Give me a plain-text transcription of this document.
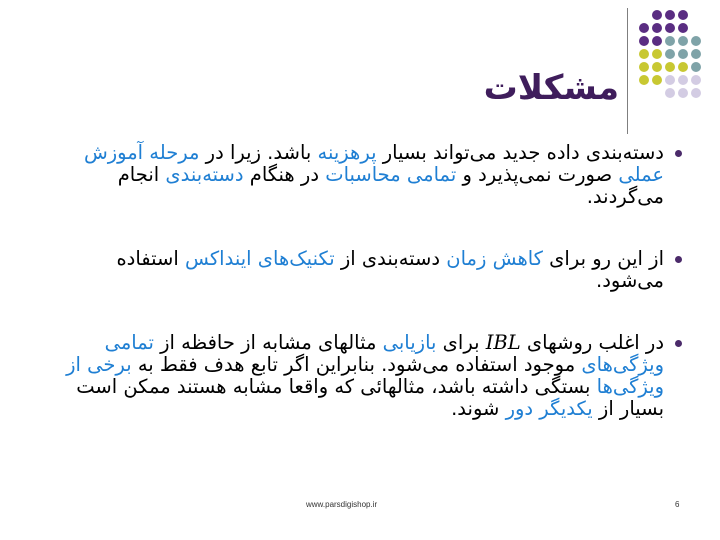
مشکلات
دسته‌بندی داده جدید می‌تواند بسیار پرهزینه باشد. زیرا در مرحله آموزش عملی صورت نمی‌پذیرد و تمامی محاسبات در هنگام دسته‌بندی انجام می‌گردند.
از این رو برای کاهش زمان دسته‌بندی از تکنیک‌های اینداکس استفاده می‌شود.
در اغلب روشهای IBL برای بازیابی مثالهای مشابه از حافظه از تمامی ویژگی‌های موجود استفاده می‌شود. بنابراین اگر تابع هدف فقط به برخی از ویژگی‌ها بستگی داشته باشد، مثالهائی که واقعا مشابه هستند ممکن است بسیار از یکدیگر دور شوند.
www.parsdigishop.ir	6
